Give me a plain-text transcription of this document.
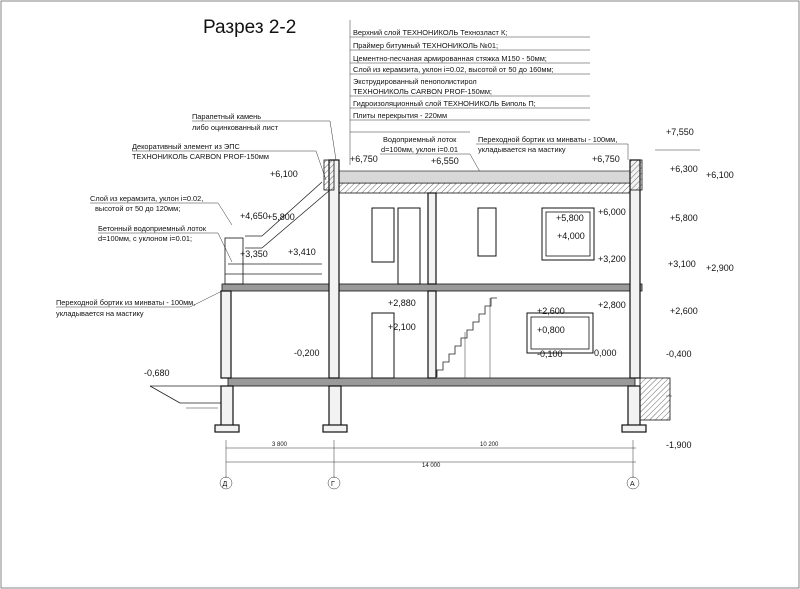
Разрез 2-2	Верхний слой ТЕХНОНИКОЛЬ Технозласт К;
Праймер битумный ТЕХНОНИКОЛЬ №01;
Цементно-песчаная армированная стяжка М150 - 50мм;
Слой из керамзита, уклон i=0.02, высотой от 50 до 160мм;
Экструдированный пенополистирол
ТЕХНОНИКОЛЬ CARBON PROF-150мм;
Гидроизоляционный слой ТЕХНОНИКОЛЬ Биполь П;
Плиты перекрытия - 220мм
Парапетный камень
либо оцинкованный лист
Декоративный элемент из ЭПС
ТЕХНОНИКОЛЬ CARBON PROF-150мм
Водоприемный лоток
d=100мм, уклон i=0.01
Переходной бортик из минваты - 100мм,
укладывается на мастику
Слой из керамзита, уклон i=0.02,
высотой от 50 до 120мм;
Бетонный водоприемный лоток
d=100мм, с уклоном i=0.01;
Переходной бортик из минваты - 100мм,
укладывается на мастику
+7,550
+6,750	+6,550	+6,750
+6,300
+6,100
+6,100
+5,800
+4,650	+5,800
+6,000
+5,800
+4,000
+3,410
+3,350	+3,200	+3,100 +2,900
+2,880	+2,800
+2,600	+2,600
+2,100	+0,800
-0,200	-0,100	0,000	-0,400
-0,680
-1,900
3 800	10 200
14 000
Д	Г	А
